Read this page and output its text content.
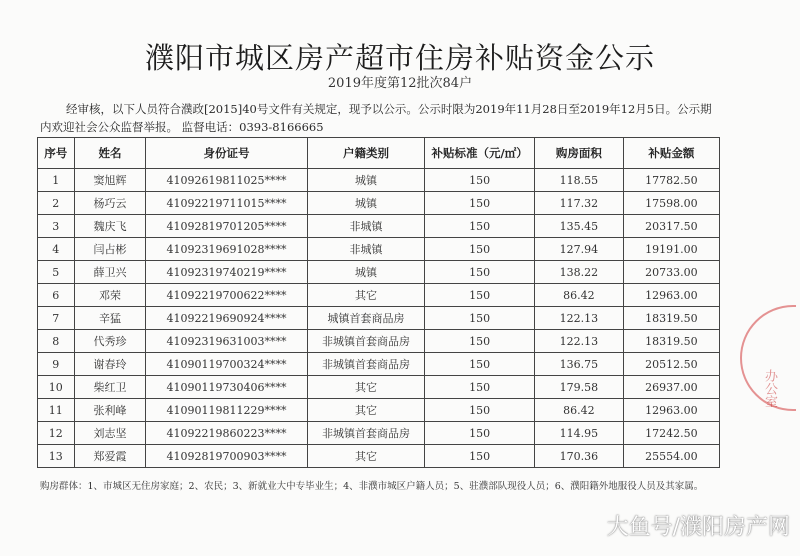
濮阳市城区房产超市住房补贴资金公示
2019年度第12批次84户
经审核，以下人员符合濮政[2015]40号文件有关规定，现予以公示。公示时限为2019年11月28日至2019年12月5日。公示期内欢迎社会公众监督举报。 监督电话：0393-8166665
序号	姓名	身份证号	户籍类别	补贴标准（元/㎡）	购房面积	补贴金额
1	窦旭辉	41092619811025****	城镇	150	118.55	17782.50
2	杨巧云	41092219711015****	城镇	150	117.32	17598.00
3	魏庆飞	41092819701205****	非城镇	150	135.45	20317.50
4	闫占彬	41092319691028****	非城镇	150	127.94	19191.00
5	薛卫兴	41092319740219****	城镇	150	138.22	20733.00
6	邓荣	41092219700622****	其它	150	86.42	12963.00
7	辛猛	41092219690924****	城镇首套商品房	150	122.13	18319.50
8	代秀珍	41092319631003****	非城镇首套商品房	150	122.13	18319.50
9	谢春玲	41090119700324****	非城镇首套商品房	150	136.75	20512.50
10	柴红卫	41090119730406****	其它	150	179.58	26937.00
11	张利峰	41090119811229****	其它	150	86.42	12963.00
12	刘志坚	41092219860223****	非城镇首套商品房	150	114.95	17242.50
13	郑爱霞	41092819700903****	其它	150	170.36	25554.00
购房群体：1、市城区无住房家庭；2、农民；3、新就业大中专毕业生；4、非濮市城区户籍人员；5、驻濮部队现役人员；6、濮阳籍外地服役人员及其家属。
办公室
大鱼号/濮阳房产网
